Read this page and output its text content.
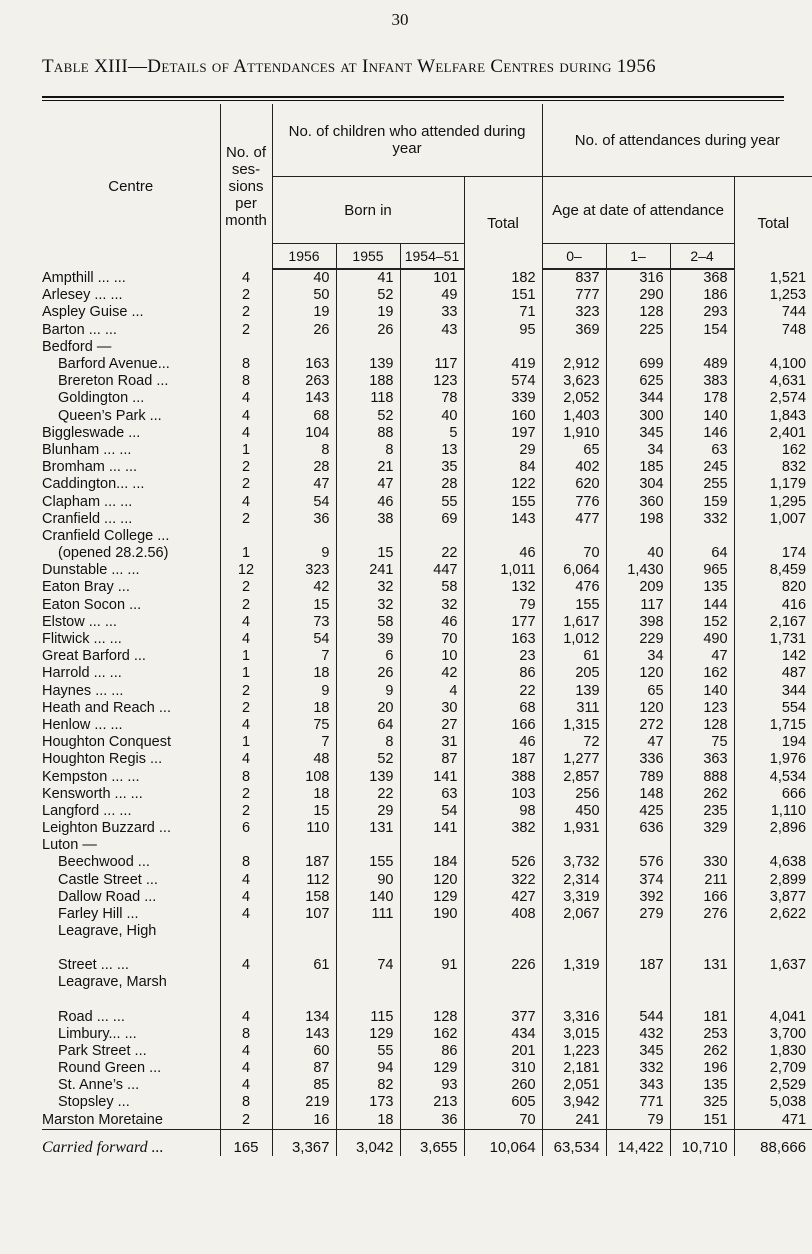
30
Table XIII—Details of Attendances at Infant Welfare Centres during 1956
Centre	No. of ses- sions per month	No. of children who attended during year				No. of attendances during year			
		Born in			Total	Age at date of attendance			Total
		1956	1955	1954–51		0–	1–	2–4	
Ampthill ... ...	4	40	41	101	182	837	316	368	1,521
Arlesey ... ...	2	50	52	49	151	777	290	186	1,253
Aspley Guise ...	2	19	19	33	71	323	128	293	744
Barton ... ...	2	26	26	43	95	369	225	154	748
Bedford —									
Barford Avenue...	8	163	139	117	419	2,912	699	489	4,100
Brereton Road ...	8	263	188	123	574	3,623	625	383	4,631
Goldington ...	4	143	118	78	339	2,052	344	178	2,574
Queen’s Park ...	4	68	52	40	160	1,403	300	140	1,843
Biggleswade ...	4	104	88	5	197	1,910	345	146	2,401
Blunham ... ...	1	8	8	13	29	65	34	63	162
Bromham ... ...	2	28	21	35	84	402	185	245	832
Caddington... ...	2	47	47	28	122	620	304	255	1,179
Clapham ... ...	4	54	46	55	155	776	360	159	1,295
Cranfield ... ...	2	36	38	69	143	477	198	332	1,007
Cranfield College ...									
(opened 28.2.56)	1	9	15	22	46	70	40	64	174
Dunstable ... ...	12	323	241	447	1,011	6,064	1,430	965	8,459
Eaton Bray ...	2	42	32	58	132	476	209	135	820
Eaton Socon ...	2	15	32	32	79	155	117	144	416
Elstow ... ...	4	73	58	46	177	1,617	398	152	2,167
Flitwick ... ...	4	54	39	70	163	1,012	229	490	1,731
Great Barford ...	1	7	6	10	23	61	34	47	142
Harrold ... ...	1	18	26	42	86	205	120	162	487
Haynes ... ...	2	9	9	4	22	139	65	140	344
Heath and Reach ...	2	18	20	30	68	311	120	123	554
Henlow ... ...	4	75	64	27	166	1,315	272	128	1,715
Houghton Conquest	1	7	8	31	46	72	47	75	194
Houghton Regis ...	4	48	52	87	187	1,277	336	363	1,976
Kempston ... ...	8	108	139	141	388	2,857	789	888	4,534
Kensworth ... ...	2	18	22	63	103	256	148	262	666
Langford ... ...	2	15	29	54	98	450	425	235	1,110
Leighton Buzzard ...	6	110	131	141	382	1,931	636	329	2,896
Luton —									
Beechwood ...	8	187	155	184	526	3,732	576	330	4,638
Castle Street ...	4	112	90	120	322	2,314	374	211	2,899
Dallow Road ...	4	158	140	129	427	3,319	392	166	3,877
Farley Hill ...	4	107	111	190	408	2,067	279	276	2,622
Leagrave, High									
Street ... ...	4	61	74	91	226	1,319	187	131	1,637
Leagrave, Marsh									
Road ... ...	4	134	115	128	377	3,316	544	181	4,041
Limbury... ...	8	143	129	162	434	3,015	432	253	3,700
Park Street ...	4	60	55	86	201	1,223	345	262	1,830
Round Green ...	4	87	94	129	310	2,181	332	196	2,709
St. Anne’s ...	4	85	82	93	260	2,051	343	135	2,529
Stopsley ...	8	219	173	213	605	3,942	771	325	5,038
Marston Moretaine	2	16	18	36	70	241	79	151	471
Carried forward ...	165	3,367	3,042	3,655	10,064	63,534	14,422	10,710	88,666
